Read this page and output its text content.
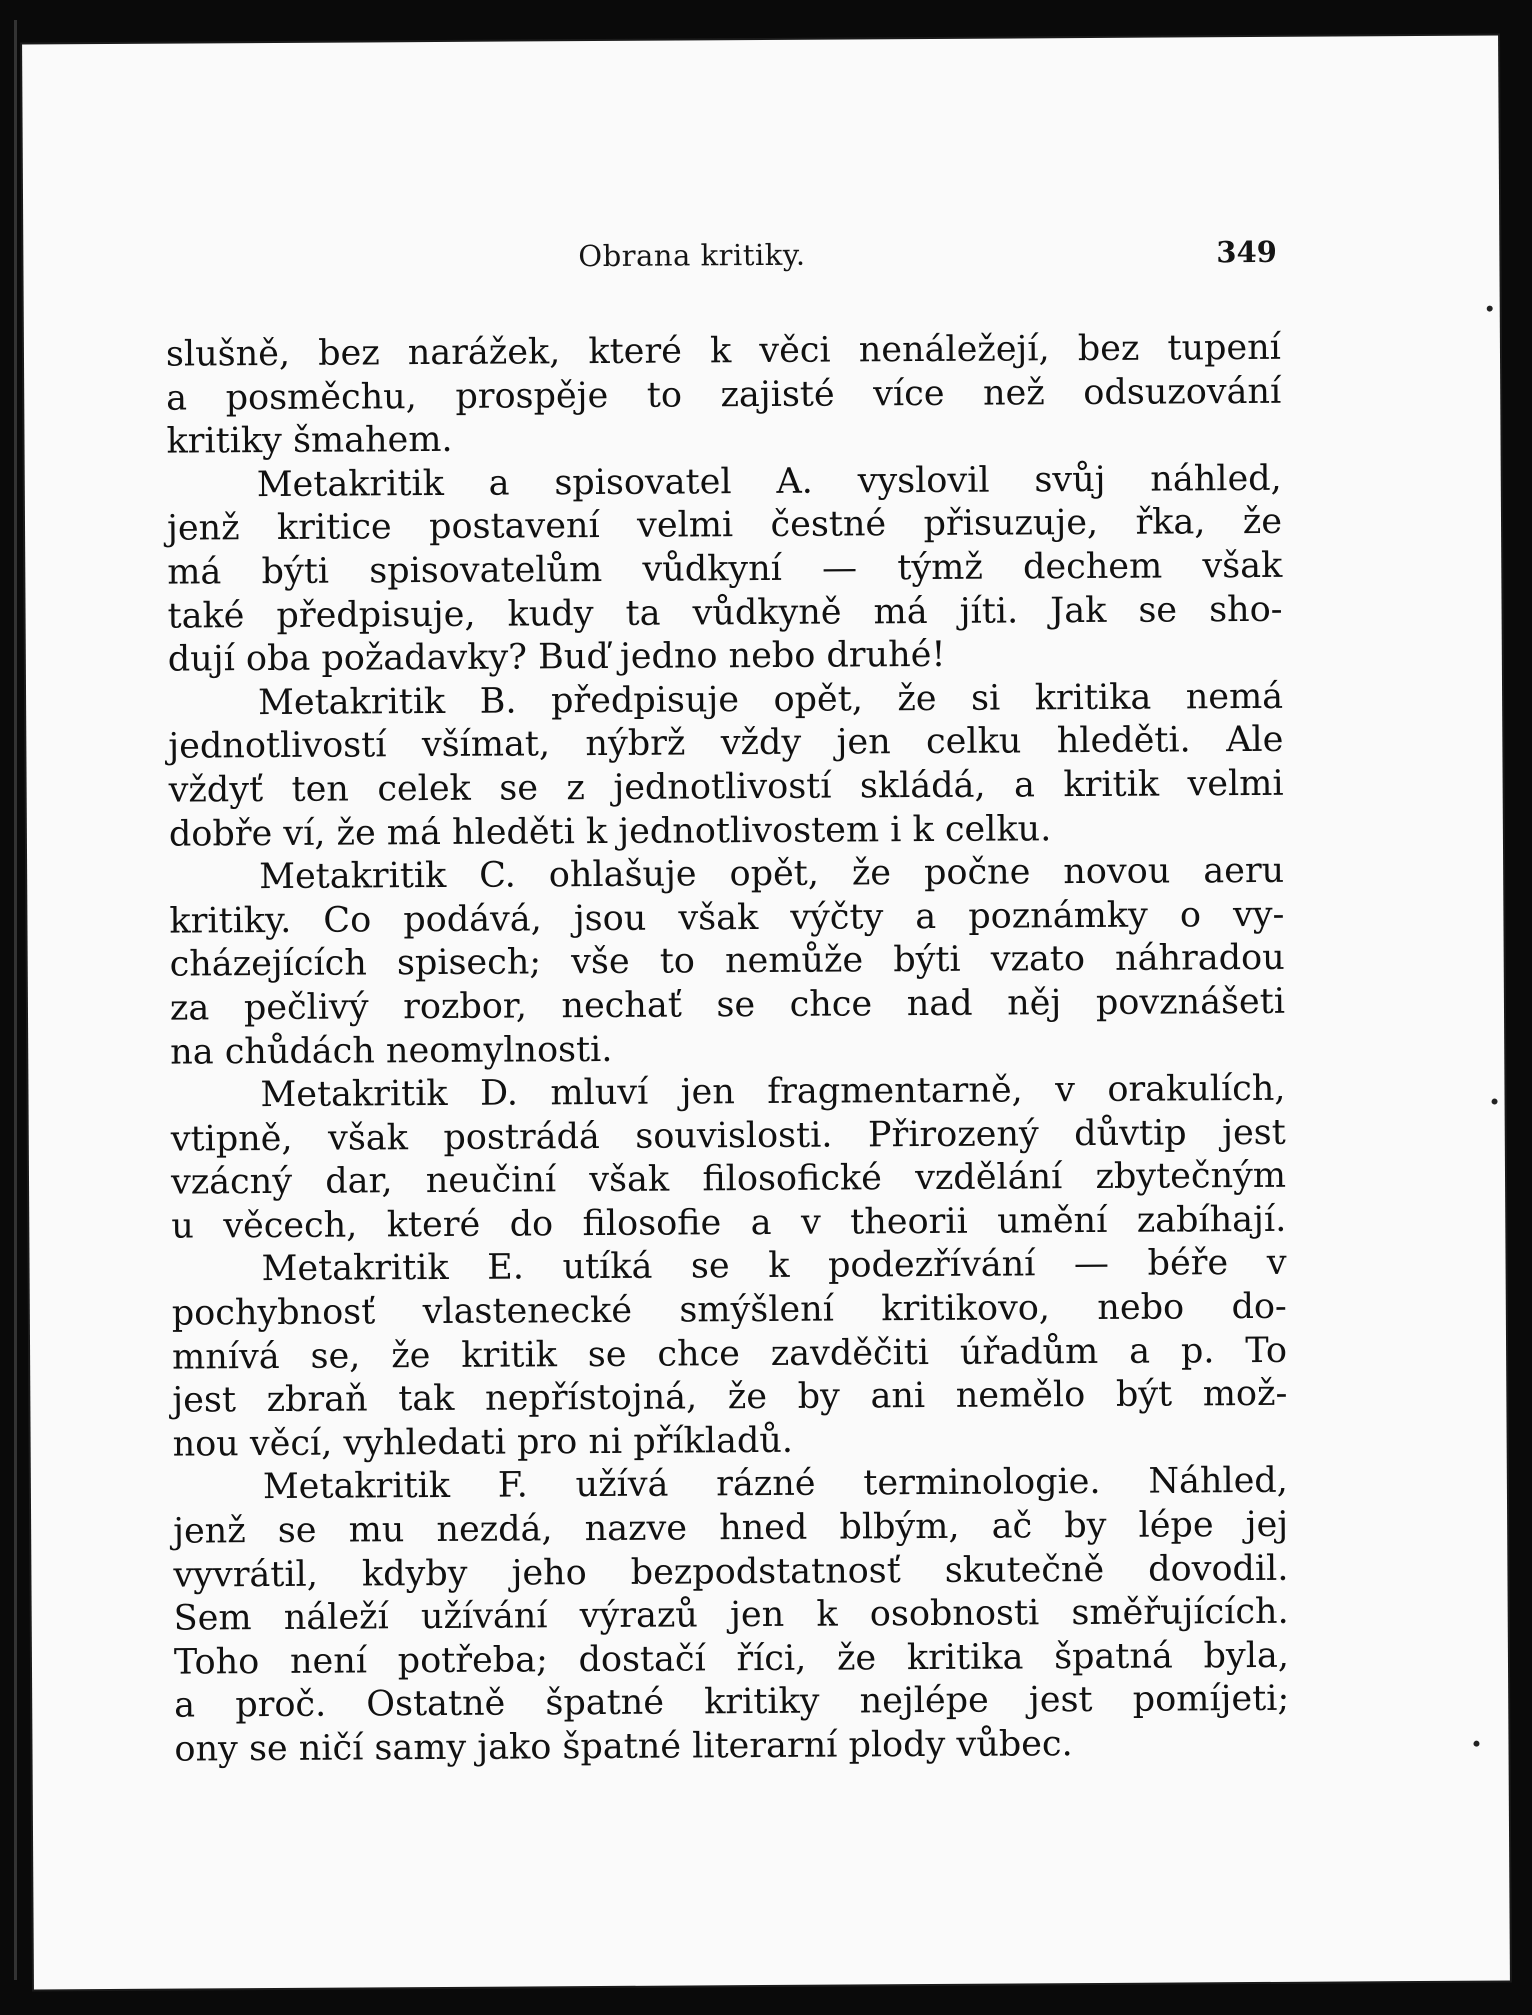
Obrana kritiky.	349
slušně, bez narážek, které k věci nenáležejí, bez tupení
a posměchu, prospěje to zajisté více než odsuzování
kritiky šmahem.
Metakritik a spisovatel A. vyslovil svůj náhled,
jenž kritice postavení velmi čestné přisuzuje, řka, že
má býti spisovatelům vůdkyní — týmž dechem však
také předpisuje, kudy ta vůdkyně má jíti. Jak se sho-
dují oba požadavky? Buď jedno nebo druhé!
Metakritik B. předpisuje opět, že si kritika nemá
jednotlivostí všímat, nýbrž vždy jen celku hleděti. Ale
vždyť ten celek se z jednotlivostí skládá, a kritik velmi
dobře ví, že má hleděti k jednotlivostem i k celku.
Metakritik C. ohlašuje opět, že počne novou aeru
kritiky. Co podává, jsou však výčty a poznámky o vy-
cházejících spisech; vše to nemůže býti vzato náhradou
za pečlivý rozbor, nechať se chce nad něj povznášeti
na chůdách neomylnosti.
Metakritik D. mluví jen fragmentarně, v orakulích,
vtipně, však postrádá souvislosti. Přirozený důvtip jest
vzácný dar, neučiní však filosofické vzdělání zbytečným
u věcech, které do filosofie a v theorii umění zabíhají.
Metakritik E. utíká se k podezřívání — béře v
pochybnosť vlastenecké smýšlení kritikovo, nebo do-
mnívá se, že kritik se chce zavděčiti úřadům a p. To
jest zbraň tak nepřístojná, že by ani nemělo být mož-
nou věcí, vyhledati pro ni příkladů.
Metakritik F. užívá rázné terminologie. Náhled,
jenž se mu nezdá, nazve hned blbým, ač by lépe jej
vyvrátil, kdyby jeho bezpodstatnosť skutečně dovodil.
Sem náleží užívání výrazů jen k osobnosti směřujících.
Toho není potřeba; dostačí říci, že kritika špatná byla,
a proč. Ostatně špatné kritiky nejlépe jest pomíjeti;
ony se ničí samy jako špatné literarní plody vůbec.
